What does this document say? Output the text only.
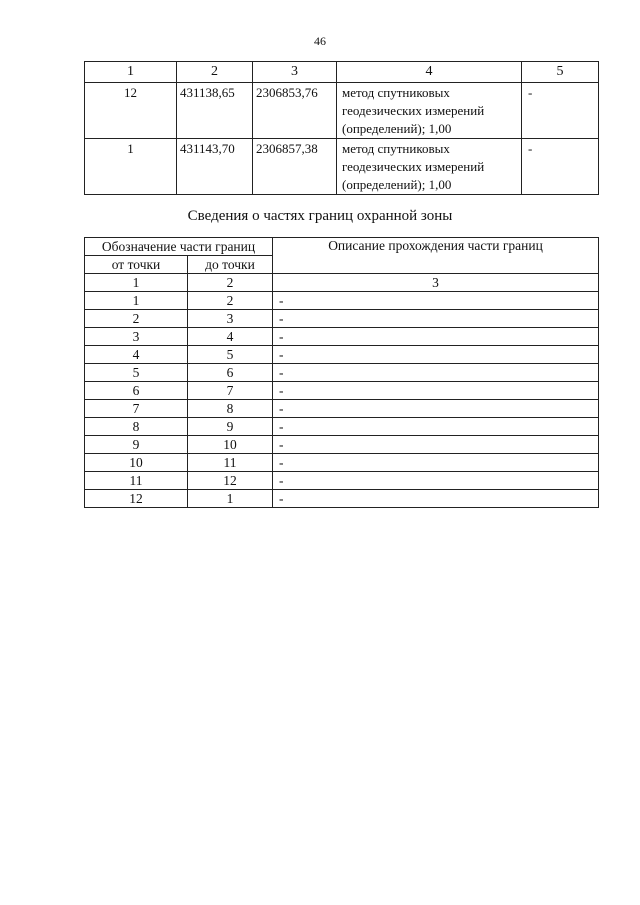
46
1	2	3	4	5
12	431138,65	2306853,76	метод спутниковых
геодезических измерений
(определений); 1,00	-
1	431143,70	2306857,38	метод спутниковых
геодезических измерений
(определений); 1,00	-
Сведения о частях границ охранной зоны
Обозначение части границ		Описание прохождения части границ
от точки	до точки	
1	2	3
1	2	-
2	3	-
3	4	-
4	5	-
5	6	-
6	7	-
7	8	-
8	9	-
9	10	-
10	11	-
11	12	-
12	1	-
